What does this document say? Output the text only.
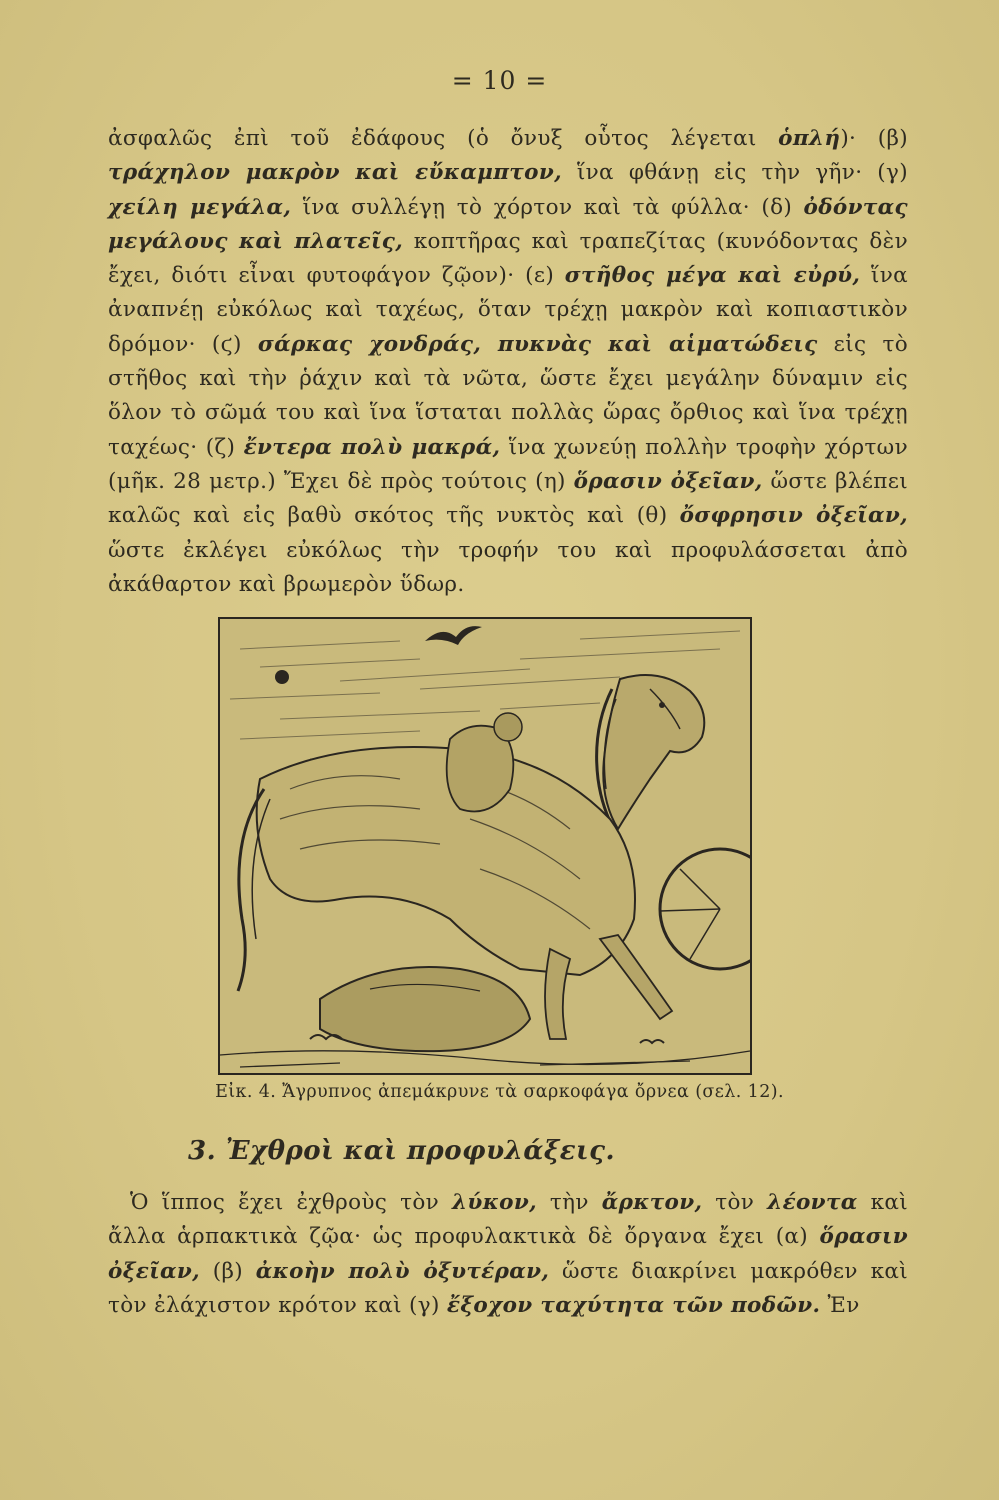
= 10 =

ἀσφαλῶς ἐπὶ τοῦ ἐδάφους (ὁ ὄνυξ οὗτος λέγεται ὁπλή)· (β) τράχηλον μακρὸν καὶ εὔκαμπτον, ἵνα φθάνῃ εἰς τὴν γῆν· (γ) χείλη μεγάλα, ἵνα συλλέγῃ τὸ χόρτον καὶ τὰ φύλλα· (δ) ὀδόντας μεγάλους καὶ πλατεῖς, κοπτῆρας καὶ τραπεζίτας (κυνόδοντας δὲν ἔχει, διότι εἶναι φυτοφάγον ζῷον)· (ε) στῆθος μέγα καὶ εὐρύ, ἵνα ἀναπνέῃ εὐκόλως καὶ ταχέως, ὅταν τρέχῃ μακρὸν καὶ κοπιαστικὸν δρόμον· (ϛ) σάρκας χονδράς, πυκνὰς καὶ αἱματώδεις εἰς τὸ στῆθος καὶ τὴν ῥάχιν καὶ τὰ νῶτα, ὥστε ἔχει μεγάλην δύναμιν εἰς ὅλον τὸ σῶμά του καὶ ἵνα ἵσταται πολλὰς ὥρας ὄρθιος καὶ ἵνα τρέχῃ ταχέως· (ζ) ἔντερα πολὺ μακρά, ἵνα χωνεύῃ πολλὴν τροφὴν χόρτων (μῆκ. 28 μετρ.) Ἔχει δὲ πρὸς τούτοις (η) ὅρασιν ὀξεῖαν, ὥστε βλέπει καλῶς καὶ εἰς βαθὺ σκότος τῆς νυκτὸς καὶ (θ) ὄσφρησιν ὀξεῖαν, ὥστε ἐκλέγει εὐκόλως τὴν τροφήν του καὶ προφυλάσσεται ἀπὸ ἀκάθαρτον καὶ βρωμερὸν ὕδωρ.

Εἰκ. 4. Ἄγρυπνος ἀπεμάκρυνε τὰ σαρκοφάγα ὄρνεα (σελ. 12).
3. Ἐχθροὶ καὶ προφυλάξεις.

Ὁ ἵππος ἔχει ἐχθροὺς τὸν λύκον, τὴν ἄρκτον, τὸν λέοντα καὶ ἄλλα ἁρπακτικὰ ζῷα· ὡς προφυλακτικὰ δὲ ὄργανα ἔχει (α) ὅρασιν ὀξεῖαν, (β) ἀκοὴν πολὺ ὀξυτέραν, ὥστε διακρίνει μακρόθεν καὶ τὸν ἐλάχιστον κρότον καὶ (γ) ἔξοχον ταχύτητα τῶν ποδῶν. Ἐν
